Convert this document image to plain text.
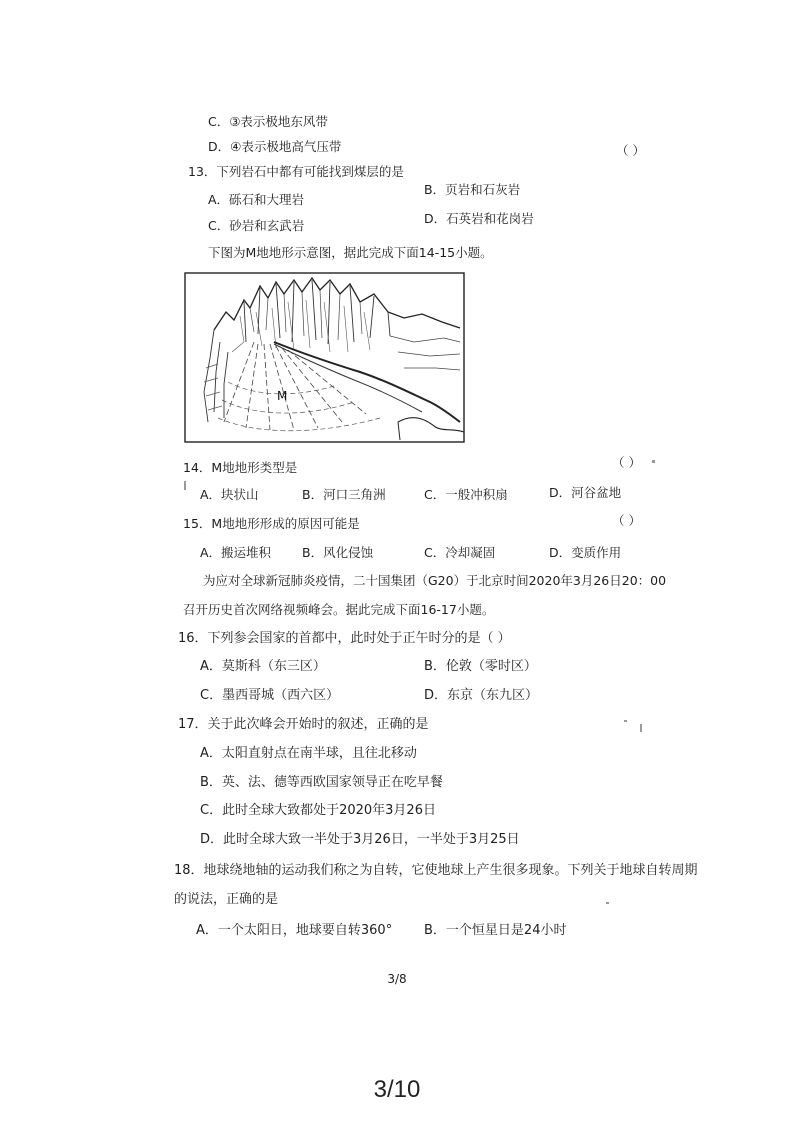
C．③表示极地东风带
D．④表示极地高气压带	（ ）
13．下列岩石中都有可能找到煤层的是
A．砾石和大理岩
B．页岩和石灰岩
C．砂岩和玄武岩	D．石英岩和花岗岩
下图为M地地形示意图，据此完成下面14-15小题。
M
14．M地地形类型是	（ ）
A．块状山	B．河口三角洲	C．一般冲积扇	D．河谷盆地
15．M地地形形成的原因可能是	（ ）
A．搬运堆积 B．风化侵蚀	C．冷却凝固	D．变质作用
为应对全球新冠肺炎疫情，二十国集团（G20）于北京时间2020年3月26日20：00
召开历史首次网络视频峰会。据此完成下面16-17小题。
16．下列参会国家的首都中，此时处于正午时分的是（ ）
A．莫斯科（东三区）	B．伦敦（零时区）
C．墨西哥城（西六区）	D．东京（东九区）
17．关于此次峰会开始时的叙述，正确的是
A．太阳直射点在南半球，且往北移动
B．英、法、德等西欧国家领导正在吃早餐
C．此时全球大致都处于2020年3月26日
D．此时全球大致一半处于3月26日，一半处于3月25日
18．地球绕地轴的运动我们称之为自转，它使地球上产生很多现象。下列关于地球自转周期
的说法，正确的是
A．一个太阳日，地球要自转360° B．一个恒星日是24小时
3/8
3/10
